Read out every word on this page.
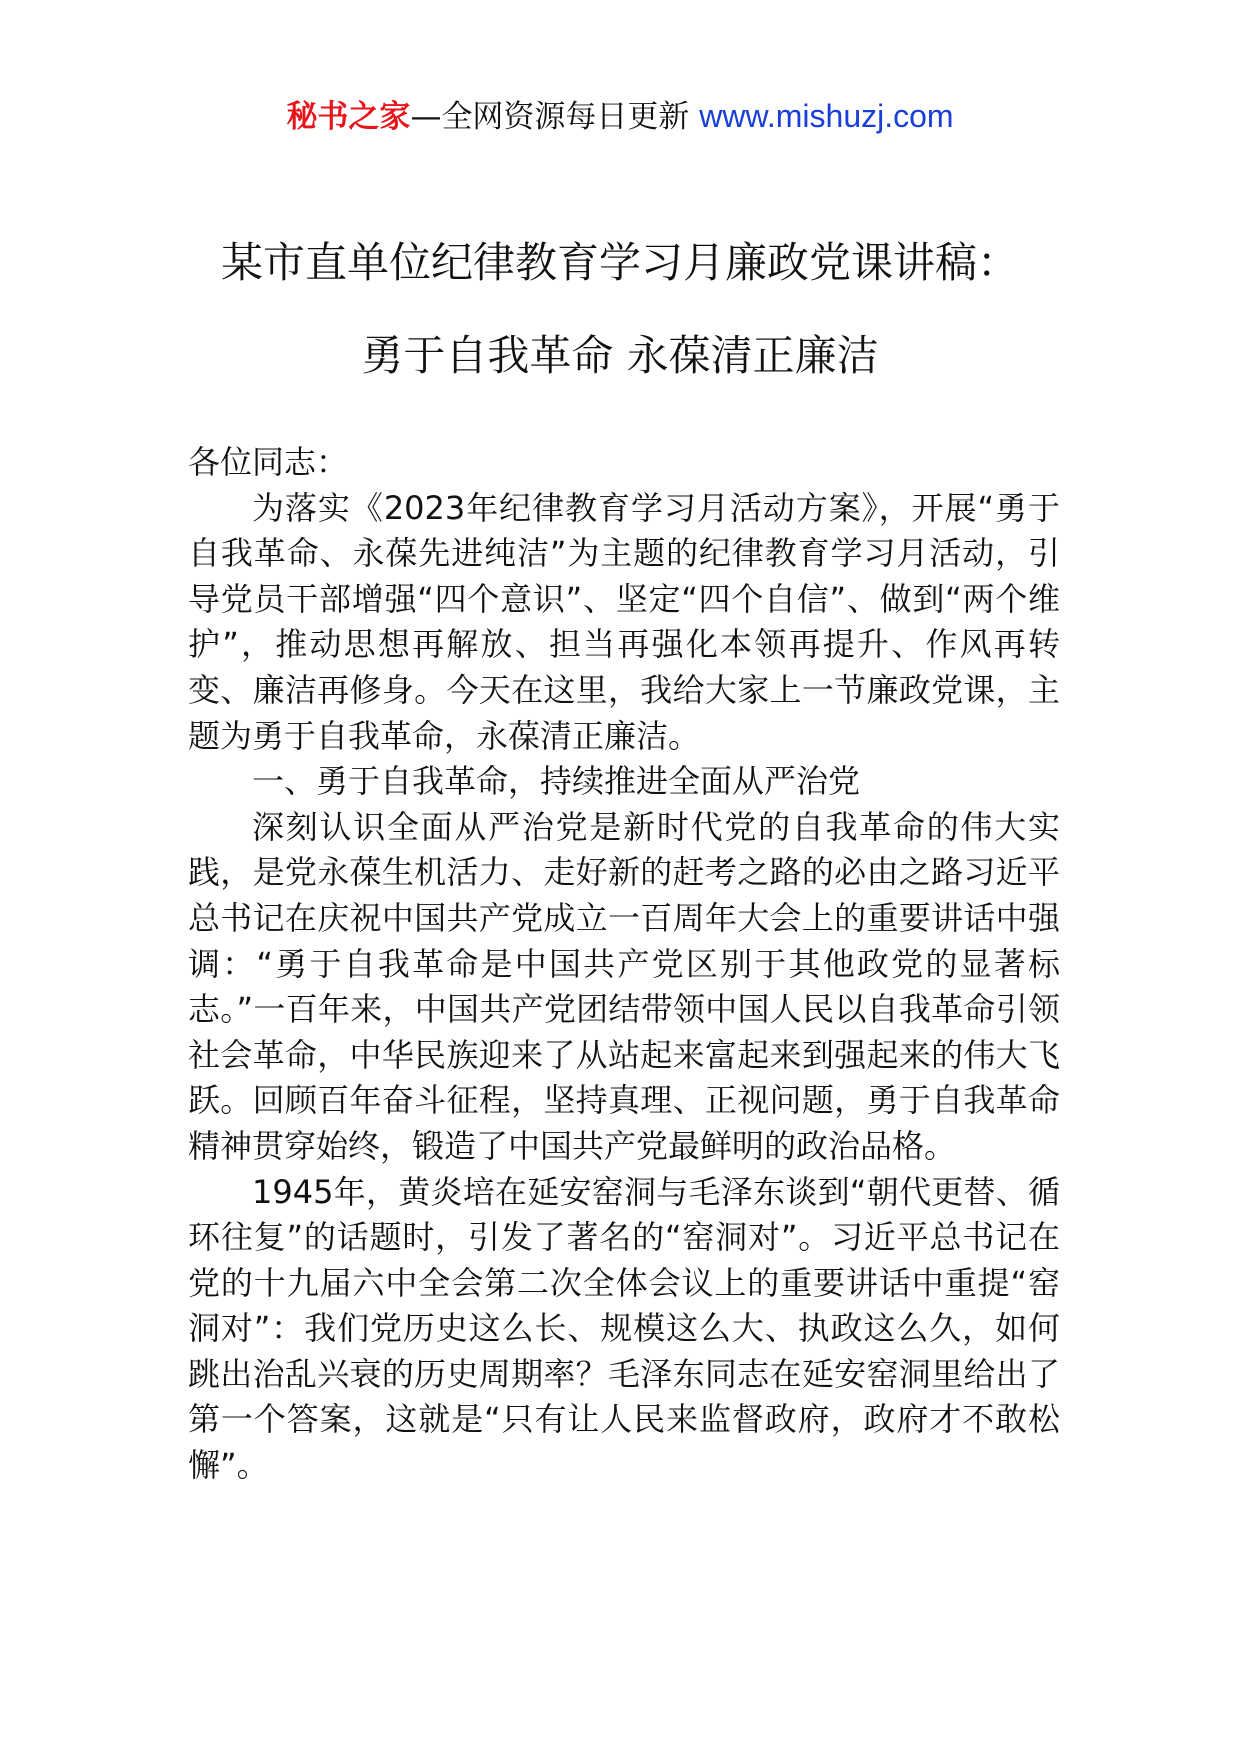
秘书之家—全网资源每日更新 www.mishuzj.com
某市直单位纪律教育学习月廉政党课讲稿：
勇于自我革命 永葆清正廉洁

各位同志：

为落实《2023年纪律教育学习月活动方案》，开展“勇于自我革命、永葆先进纯洁”为主题的纪律教育学习月活动，引导党员干部增强“四个意识”、坚定“四个自信”、做到“两个维护”，推动思想再解放、担当再强化本领再提升、作风再转变、廉洁再修身。今天在这里，我给大家上一节廉政党课，主题为勇于自我革命，永葆清正廉洁。

一、勇于自我革命，持续推进全面从严治党

深刻认识全面从严治党是新时代党的自我革命的伟大实践，是党永葆生机活力、走好新的赶考之路的必由之路习近平总书记在庆祝中国共产党成立一百周年大会上的重要讲话中强调：“勇于自我革命是中国共产党区别于其他政党的显著标志。”一百年来，中国共产党团结带领中国人民以自我革命引领社会革命，中华民族迎来了从站起来富起来到强起来的伟大飞跃。回顾百年奋斗征程，坚持真理、正视问题，勇于自我革命精神贯穿始终，锻造了中国共产党最鲜明的政治品格。

1945年，黄炎培在延安窑洞与毛泽东谈到“朝代更替、循环往复”的话题时，引发了著名的“窑洞对”。习近平总书记在党的十九届六中全会第二次全体会议上的重要讲话中重提“窑洞对”：我们党历史这么长、规模这么大、执政这么久，如何跳出治乱兴衰的历史周期率？毛泽东同志在延安窑洞里给出了第一个答案，这就是“只有让人民来监督政府，政府才不敢松懈”。
